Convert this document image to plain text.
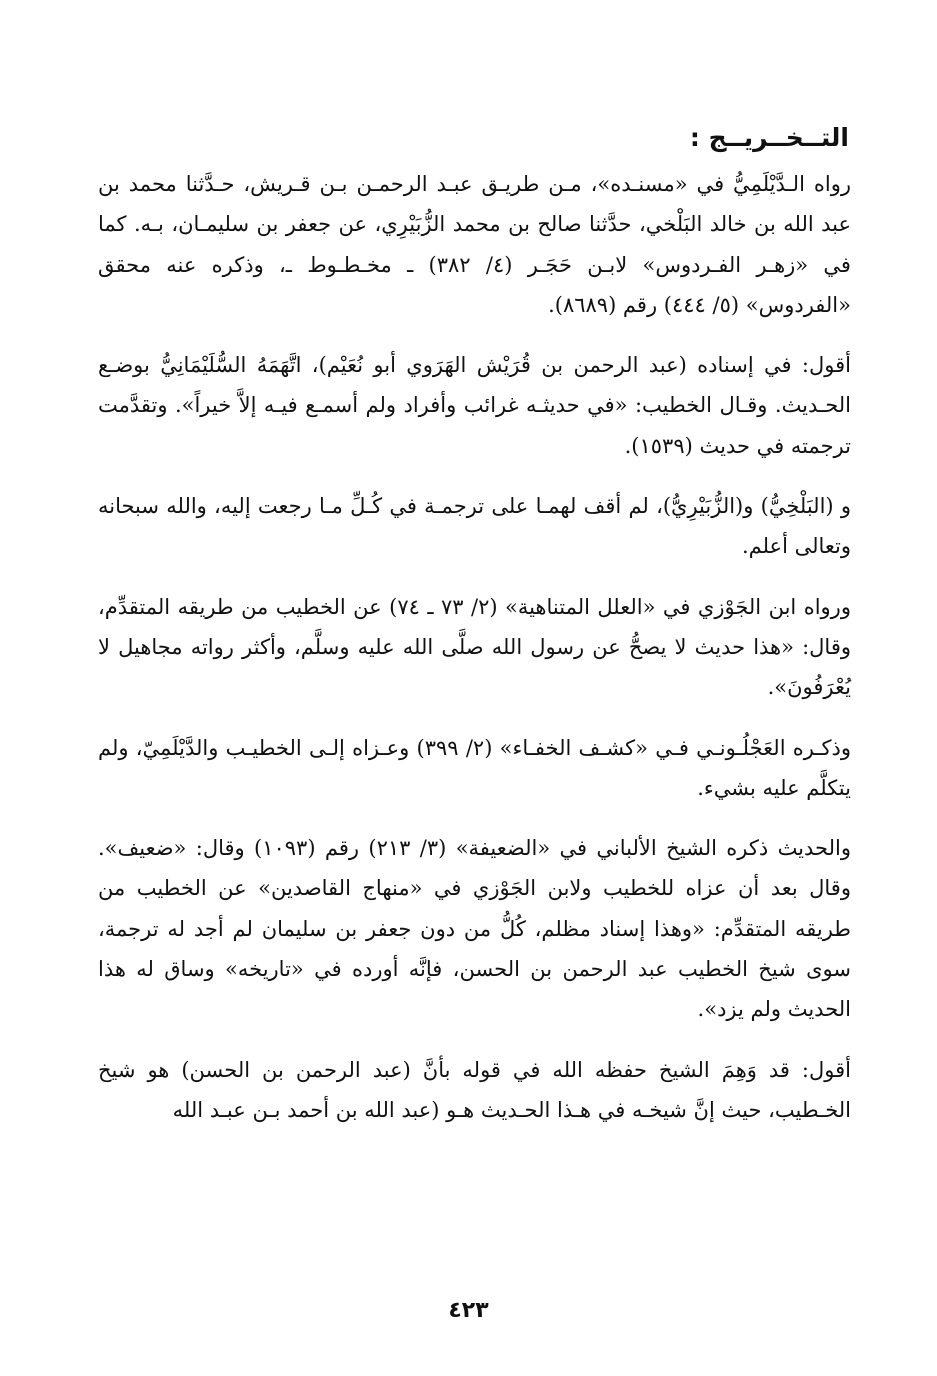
التــخــريــج :

رواه الـدَّيْلَمِيُّ في «مسنـده»، مـن طريـق عبـد الرحمـن بـن قـريش، حـدَّثنا محمد بن عبد الله بن خالد البَلْخي، حدَّثنا صالح بن محمد الزُّبَيْرِي، عن جعفر بن سليمـان، بـه. كما في «زهـر الفـردوس» لابـن حَجَـر (٤/ ٣٨٢) ـ مخـطـوط ـ، وذكره عنه محقق «الفردوس» (٥/ ٤٤٤) رقم (٨٦٨٩).

أقول: في إسناده (عبد الرحمن بن قُرَيْش الهَرَوي أبو نُعَيْم)، اتَّهَمَهُ السُّلَيْمَانِيُّ بوضـع الحـديث. وقـال الخطيب: «في حديثـه غرائب وأفراد ولم أسمـع فيـه إلاَّ خيراً». وتقدَّمت ترجمته في حديث (١٥٣٩).

و (البَلْخِيُّ) و(الزُّبَيْرِيُّ)، لم أقف لهمـا على ترجمـة في كُـلِّ مـا رجعت إليه، والله سبحانه وتعالى أعلم.

ورواه ابن الجَوْزي في «العلل المتناهية» (٢/ ٧٣ ـ ٧٤) عن الخطيب من طريقه المتقدِّم، وقال: «هذا حديث لا يصحُّ عن رسول الله صلَّى الله عليه وسلَّم، وأكثر رواته مجاهيل لا يُعْرَفُونَ».

وذكـره العَجْلُـونـي فـي «كشـف الخفـاء» (٢/ ٣٩٩) وعـزاه إلـى الخطيـب والدَّيْلَمِيّ، ولم يتكلَّم عليه بشيء.

والحديث ذكره الشيخ الألباني في «الضعيفة» (٣/ ٢١٣) رقم (١٠٩٣) وقال: «ضعيف». وقال بعد أن عزاه للخطيب ولابن الجَوْزي في «منهاج القاصدين» عن الخطيب من طريقه المتقدِّم: «وهذا إسناد مظلم، كُلُّ من دون جعفر بن سليمان لم أجد له ترجمة، سوى شيخ الخطيب عبد الرحمن بن الحسن، فإنَّه أورده في «تاريخه» وساق له هذا الحديث ولم يزد».

أقول: قد وَهِمَ الشيخ حفظه الله في قوله بأنَّ (عبد الرحمن بن الحسن) هو شيخ الخـطيب، حيث إنَّ شيخـه في هـذا الحـديث هـو (عبد الله بن أحمد بـن عبـد الله

٤٢٣
